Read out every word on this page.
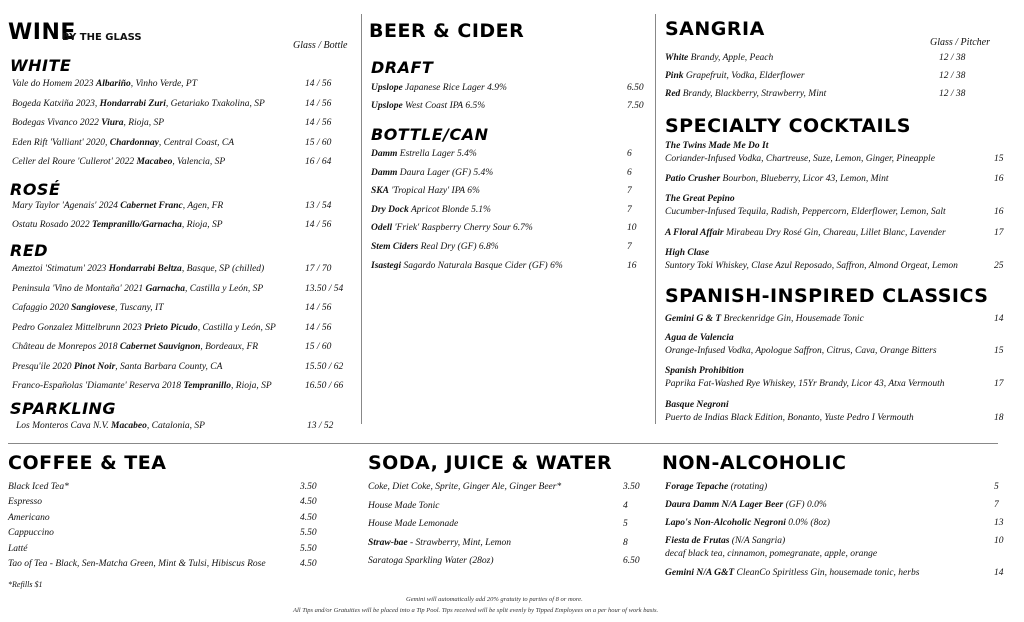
WINE
BY THE GLASS
Glass / Bottle
WHITE
Vale do Homem 2023 Albariño, Vinho Verde, PT	14 / 56
Bogeda Katxiña 2023, Hondarrabi Zuri, Getariako Txakolina, SP	14 / 56
Bodegas Vivanco 2022 Viura, Rioja, SP	14 / 56
Eden Rift 'Valliant' 2020, Chardonnay, Central Coast, CA	15 / 60
Celler del Roure 'Cullerot' 2022 Macabeo, Valencia, SP	16 / 64
ROSÉ
Mary Taylor 'Agenais' 2024 Cabernet Franc, Agen, FR	13 / 54
Ostatu Rosado 2022 Tempranillo/Garnacha, Rioja, SP	14 / 56
RED
Ameztoi 'Stimatum' 2023 Hondarrabi Beltza, Basque, SP (chilled)	17 / 70
Peninsula 'Vino de Montaña' 2021 Garnacha, Castilla y León, SP	13.50 / 54
Cafaggio 2020 Sangiovese, Tuscany, IT	14 / 56
Pedro Gonzalez Mittelbrunn 2023 Prieto Picudo, Castilla y León, SP	14 / 56
Château de Monrepos 2018 Cabernet Sauvignon, Bordeaux, FR	15 / 60
Presqu'ile 2020 Pinot Noir, Santa Barbara County, CA	15.50 / 62
Franco-Españolas 'Diamante' Reserva 2018 Tempranillo, Rioja, SP	16.50 / 66
SPARKLING
Los Monteros Cava N.V. Macabeo, Catalonia, SP	13 / 52
BEER & CIDER
DRAFT
Upslope Japanese Rice Lager 4.9%	6.50
Upslope West Coast IPA 6.5%	7.50
BOTTLE/CAN
Damm Estrella Lager 5.4%	6
Damm Daura Lager (GF) 5.4%	6
SKA 'Tropical Hazy' IPA 6%	7
Dry Dock Apricot Blonde 5.1%	7
Odell 'Friek' Raspberry Cherry Sour 6.7%	10
Stem Ciders Real Dry (GF) 6.8%	7
Isastegi Sagardo Naturala Basque Cider (GF) 6%	16
SANGRIA
Glass / Pitcher
White Brandy, Apple, Peach	12 / 38
Pink Grapefruit, Vodka, Elderflower	12 / 38
Red Brandy, Blackberry, Strawberry, Mint	12 / 38
SPECIALTY COCKTAILS
The Twins Made Me Do It
Coriander-Infused Vodka, Chartreuse, Suze, Lemon, Ginger, Pineapple	15
Patio Crusher Bourbon, Blueberry, Licor 43, Lemon, Mint	16
The Great Pepino
Cucumber-Infused Tequila, Radish, Peppercorn, Elderflower, Lemon, Salt	16
A Floral Affair Mirabeau Dry Rosé Gin, Chareau, Lillet Blanc, Lavender	17
High Clase
Suntory Toki Whiskey, Clase Azul Reposado, Saffron, Almond Orgeat, Lemon	25
SPANISH-INSPIRED CLASSICS
Gemini G & T Breckenridge Gin, Housemade Tonic	14
Agua de Valencia
Orange-Infused Vodka, Apologue Saffron, Citrus, Cava, Orange Bitters	15
Spanish Prohibition
Paprika Fat-Washed Rye Whiskey, 15Yr Brandy, Licor 43, Atxa Vermouth	17
Basque Negroni
Puerto de Indias Black Edition, Bonanto, Yuste Pedro I Vermouth	18
COFFEE & TEA
Black Iced Tea*	3.50
Espresso	4.50
Americano	4.50
Cappuccino	5.50
Latté	5.50
Tao of Tea - Black, Sen-Matcha Green, Mint & Tulsi, Hibiscus Rose	4.50
*Refills $1
SODA, JUICE & WATER
Coke, Diet Coke, Sprite, Ginger Ale, Ginger Beer*	3.50
House Made Tonic	4
House Made Lemonade	5
Straw-bae - Strawberry, Mint, Lemon	8
Saratoga Sparkling Water (28oz)	6.50
NON-ALCOHOLIC
Forage Tepache (rotating)	5
Daura Damm N/A Lager Beer (GF) 0.0%	7
Lapo's Non-Alcoholic Negroni 0.0% (8oz)	13
Fiesta de Frutas (N/A Sangria)	10
decaf black tea, cinnamon, pomegranate, apple, orange
Gemini N/A G&T CleanCo Spiritless Gin, housemade tonic, herbs	14
Gemini will automatically add 20% gratuity to parties of 8 or more.
All Tips and/or Gratuities will be placed into a Tip Pool. Tips received will be split evenly by Tipped Employees on a per hour of work basis.
